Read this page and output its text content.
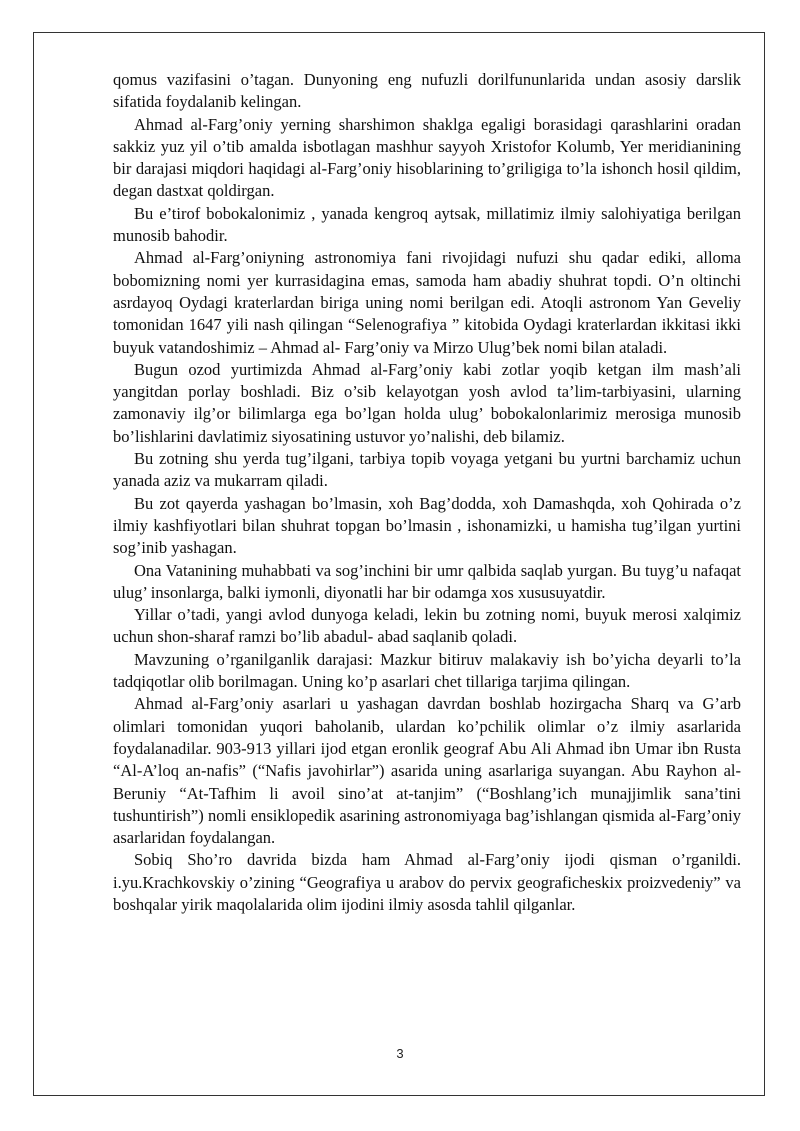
qomus vazifasini o’tagan. Dunyoning eng nufuzli dorilfununlarida undan asosiy darslik sifatida foydalanib kelingan.

Ahmad al-Farg’oniy yerning sharshimon shaklga egaligi borasidagi qarashlarini oradan sakkiz yuz yil o’tib amalda isbotlagan mashhur sayyoh Xristofor Kolumb, Yer meridianining bir darajasi miqdori haqidagi al-Farg’oniy hisoblarining to’griligiga to’la ishonch hosil qildim, degan dastxat qoldirgan.

Bu e’tirof bobokalonimiz , yanada kengroq aytsak, millatimiz ilmiy salohiyatiga berilgan munosib bahodir.

Ahmad al-Farg’oniyning astronomiya fani rivojidagi nufuzi shu qadar ediki, alloma bobomizning nomi yer kurrasidagina emas, samoda ham abadiy shuhrat topdi. O’n oltinchi asrdayoq Oydagi kraterlardan biriga uning nomi berilgan edi. Atoqli astronom Yan Geveliy tomonidan 1647 yili nash qilingan “Selenografiya ” kitobida Oydagi kraterlardan ikkitasi ikki buyuk vatandoshimiz – Ahmad al- Farg’oniy va Mirzo Ulug’bek nomi bilan ataladi.

Bugun ozod yurtimizda Ahmad al-Farg’oniy kabi zotlar yoqib ketgan ilm mash’ali yangitdan porlay boshladi. Biz o’sib kelayotgan yosh avlod ta’lim-tarbiyasini, ularning zamonaviy ilg’or bilimlarga ega bo’lgan holda ulug’ bobokalonlarimiz merosiga munosib bo’lishlarini davlatimiz siyosatining ustuvor yo’nalishi, deb bilamiz.

Bu zotning shu yerda tug’ilgani, tarbiya topib voyaga yetgani bu yurtni barchamiz uchun yanada aziz va mukarram qiladi.

Bu zot qayerda yashagan bo’lmasin, xoh Bag’dodda, xoh Damashqda, xoh Qohirada o’z ilmiy kashfiyotlari bilan shuhrat topgan bo’lmasin , ishonamizki, u hamisha tug’ilgan yurtini sog’inib yashagan.

Ona Vatanining muhabbati va sog’inchini bir umr qalbida saqlab yurgan. Bu tuyg’u nafaqat ulug’ insonlarga, balki iymonli, diyonatli har bir odamga xos xususuyatdir.

Yillar o’tadi, yangi avlod dunyoga keladi, lekin bu zotning nomi, buyuk merosi xalqimiz uchun shon-sharaf ramzi bo’lib abadul- abad saqlanib qoladi.

Mavzuning o’rganilganlik darajasi: Mazkur bitiruv malakaviy ish bo’yicha deyarli to’la tadqiqotlar olib borilmagan. Uning ko’p asarlari chet tillariga tarjima qilingan.

Ahmad al-Farg’oniy asarlari u yashagan davrdan boshlab hozirgacha Sharq va G’arb olimlari tomonidan yuqori baholanib, ulardan ko’pchilik olimlar o’z ilmiy asarlarida foydalanadilar. 903-913 yillari ijod etgan eronlik geograf Abu Ali Ahmad ibn Umar ibn Rusta “Al-A’loq an-nafis” (“Nafis javohirlar”) asarida uning asarlariga suyangan. Abu Rayhon al-Beruniy “At-Tafhim li avoil sino’at at-tanjim” (“Boshlang’ich munajjimlik sana’tini tushuntirish”) nomli ensiklopedik asarining astronomiyaga bag’ishlangan qismida al-Farg’oniy asarlaridan foydalangan.

Sobiq Sho’ro davrida bizda ham Ahmad al-Farg’oniy ijodi qisman o’rganildi. i.yu.Krachkovskiy o’zining “Geografiya u arabov do pervix geograficheskix proizvedeniy” va boshqalar yirik maqolalarida olim ijodini ilmiy asosda tahlil qilganlar.

3
